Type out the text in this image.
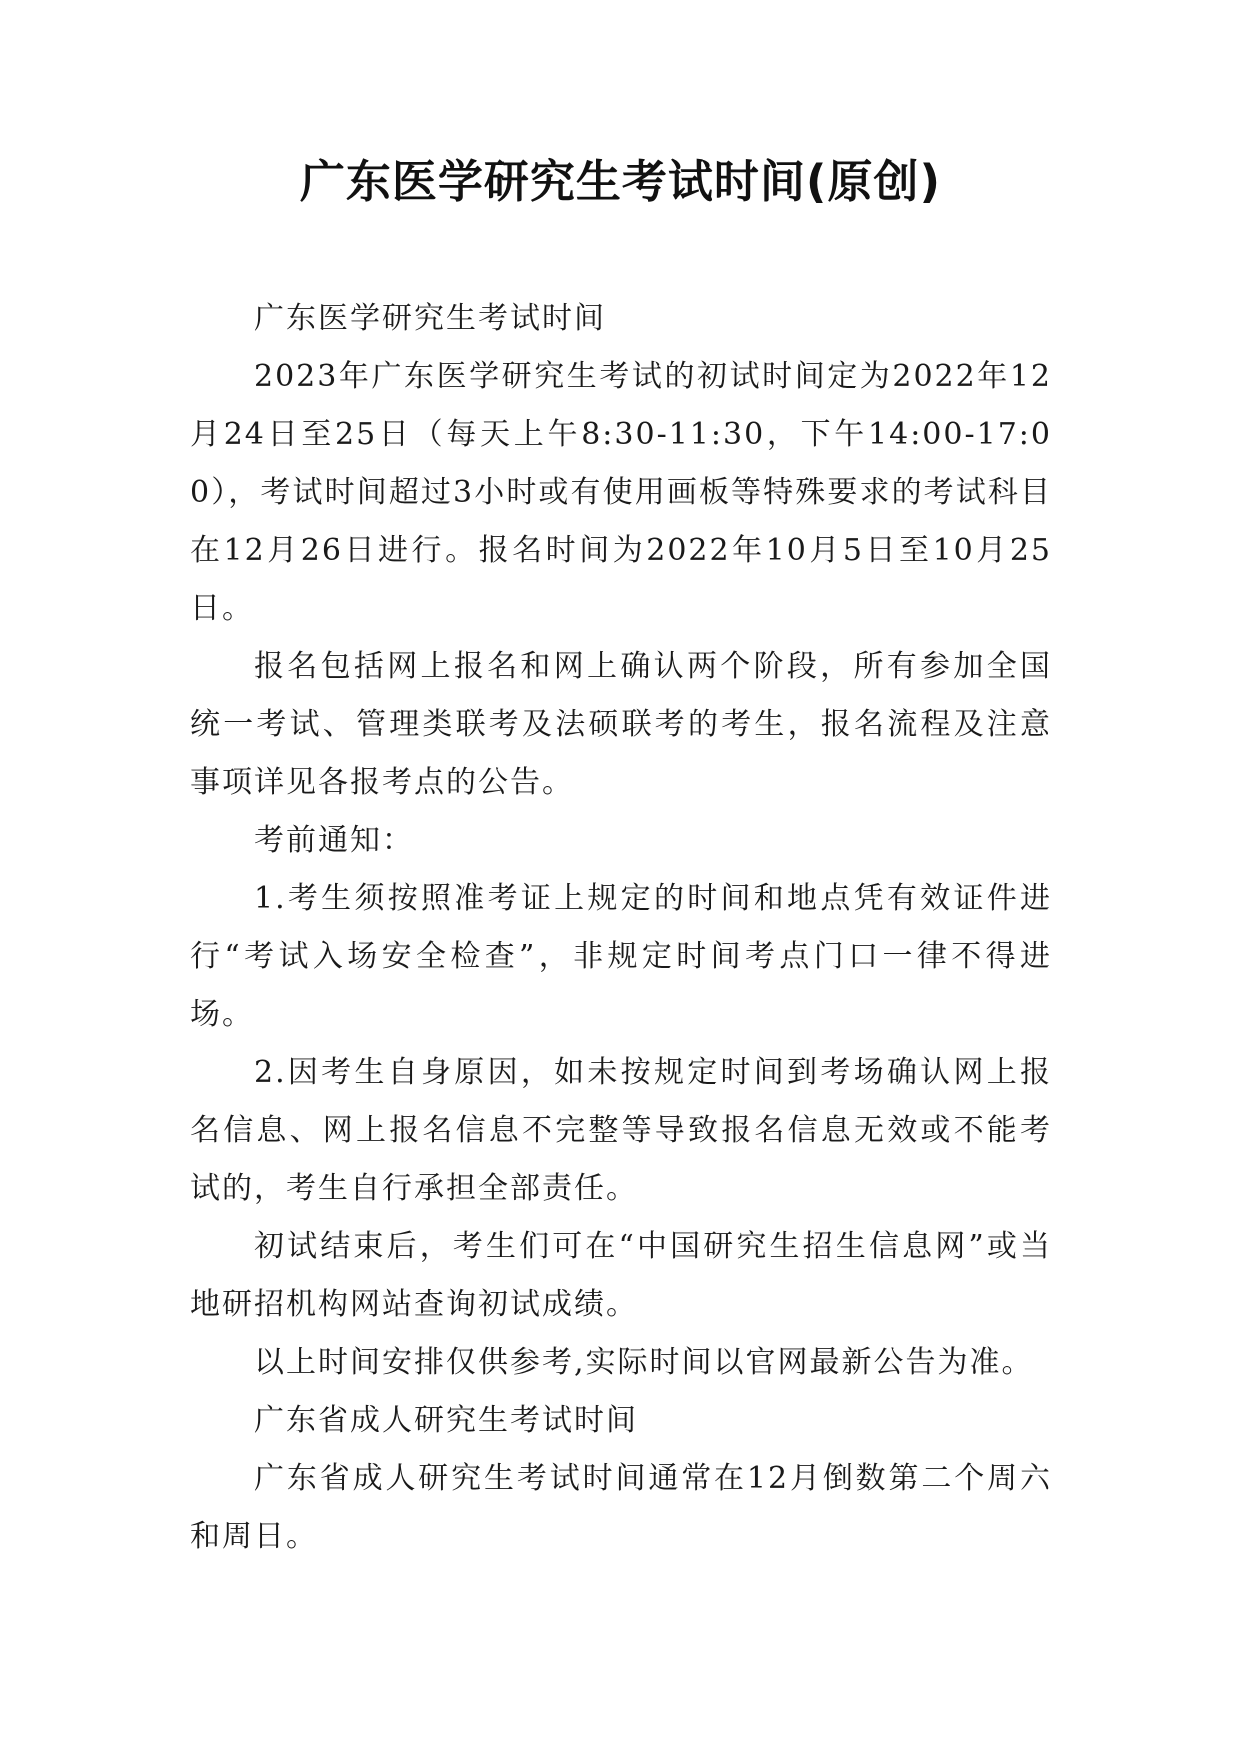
广东医学研究生考试时间(原创)

广东医学研究生考试时间

2023年广东医学研究生考试的初试时间定为2022年12月24日至25日（每天上午8:30-11:30，下午14:00-17:00），考试时间超过3小时或有使用画板等特殊要求的考试科目在12月26日进行。报名时间为2022年10月5日至10月25日。

报名包括网上报名和网上确认两个阶段，所有参加全国统一考试、管理类联考及法硕联考的考生，报名流程及注意事项详见各报考点的公告。

考前通知：

1.考生须按照准考证上规定的时间和地点凭有效证件进行“考试入场安全检查”，非规定时间考点门口一律不得进场。

2.因考生自身原因，如未按规定时间到考场确认网上报名信息、网上报名信息不完整等导致报名信息无效或不能考试的，考生自行承担全部责任。

初试结束后，考生们可在“中国研究生招生信息网”或当地研招机构网站查询初试成绩。

以上时间安排仅供参考,实际时间以官网最新公告为准。

广东省成人研究生考试时间

广东省成人研究生考试时间通常在12月倒数第二个周六和周日。
